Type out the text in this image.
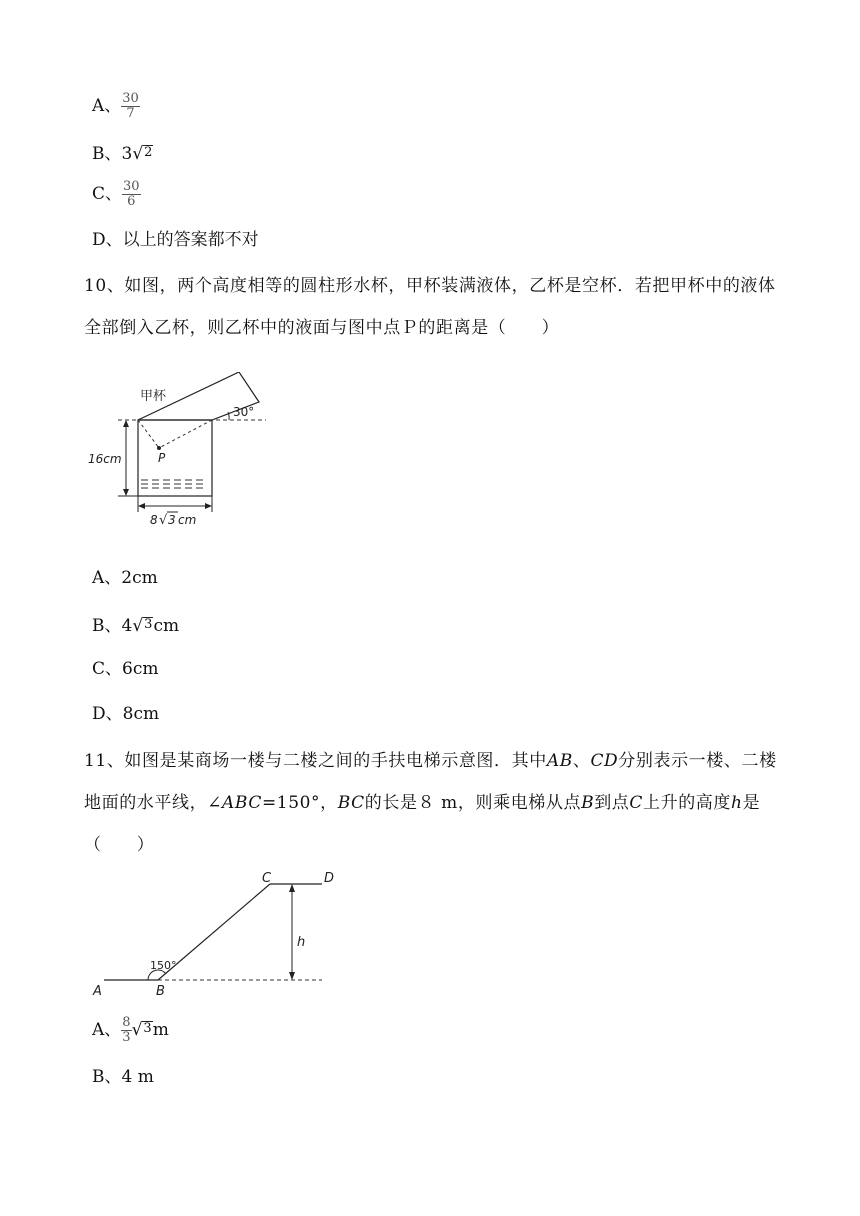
A、 $\frac{30}{7}$
B、3√2
C、 $\frac{30}{6}$
D、以上的答案都不对
10、如图，两个高度相等的圆柱形水杯，甲杯装满液体，乙杯是空杯．若把甲杯中的液体全部倒入乙杯，则乙杯中的液面与图中点Ｐ的距离是（　　）
甲杯
30°
P
16cm
8 √ 3 cm
A、2cm
B、4√3cm
C、6cm
D、8cm
11、如图是某商场一楼与二楼之间的手扶电梯示意图．其中AB、CD分别表示一楼、二楼地面的水平线，∠ABC=150°，BC的长是８ m，则乘电梯从点B到点C上升的高度h是（　　）
h
150°
A	B
C	D
A、 $\frac{8}{3} √3m$
B、4 m
